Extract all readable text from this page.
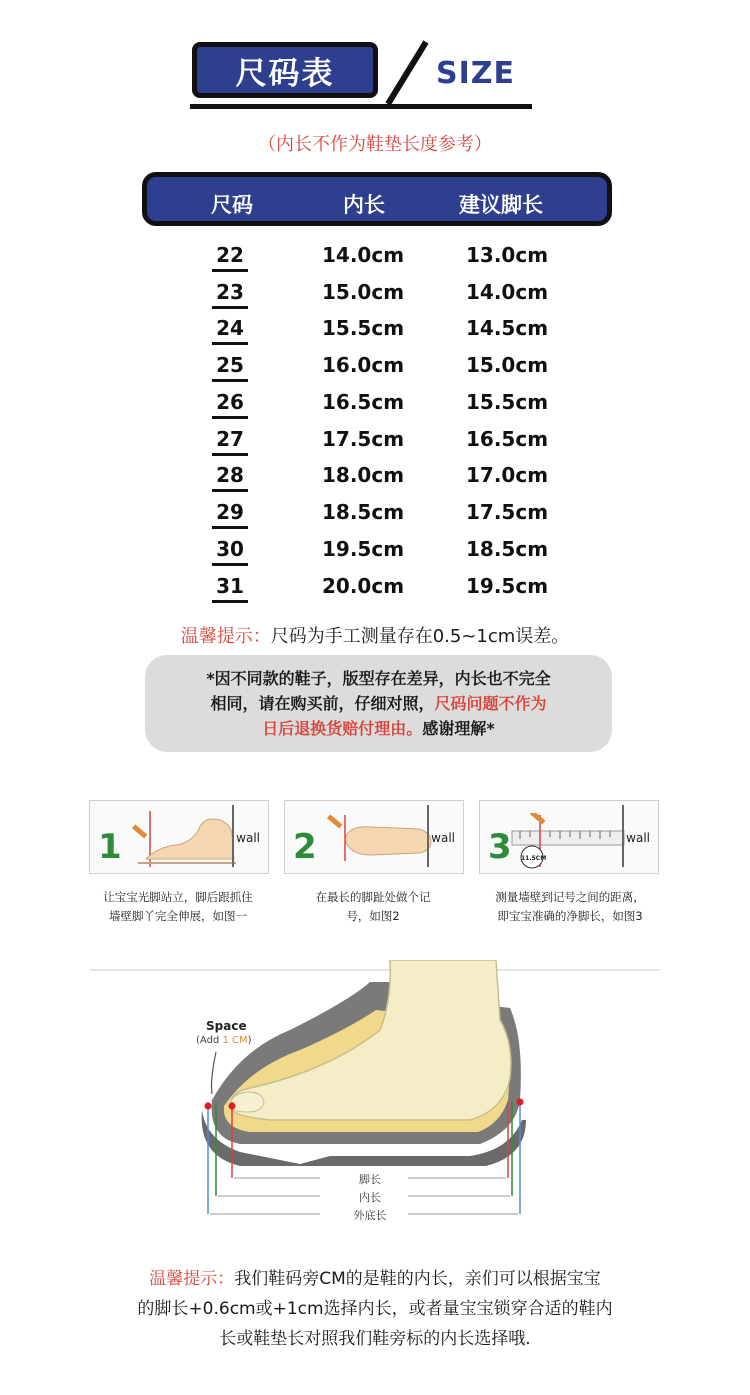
尺码表	SIZE
（内长不作为鞋垫长度参考）
尺码	内长	建议脚长
22	14.0cm	13.0cm
23	15.0cm	14.0cm
24	15.5cm	14.5cm
25	16.0cm	15.0cm
26	16.5cm	15.5cm
27	17.5cm	16.5cm
28	18.0cm	17.0cm
29	18.5cm	17.5cm
30	19.5cm	18.5cm
31	20.0cm	19.5cm
温馨提示：尺码为手工测量存在0.5~1cm误差。
*因不同款的鞋子，版型存在差异，内长也不完全
相同，请在购买前，仔细对照，尺码问题不作为
日后退换货赔付理由。感谢理解*
1	wall
让宝宝光脚站立，脚后跟抓住
墙壁脚丫完全伸展，如图一
2	wall
在最长的脚趾处做个记
号，如图2
3 11.5CM
wall
测量墙壁到记号之间的距离，
即宝宝准确的净脚长，如图3
Space
(Add 1 CM)
脚长
内长
外底长
温馨提示：我们鞋码旁CM的是鞋的内长，亲们可以根据宝宝
的脚长+0.6cm或+1cm选择内长，或者量宝宝锁穿合适的鞋内
长或鞋垫长对照我们鞋旁标的内长选择哦.
